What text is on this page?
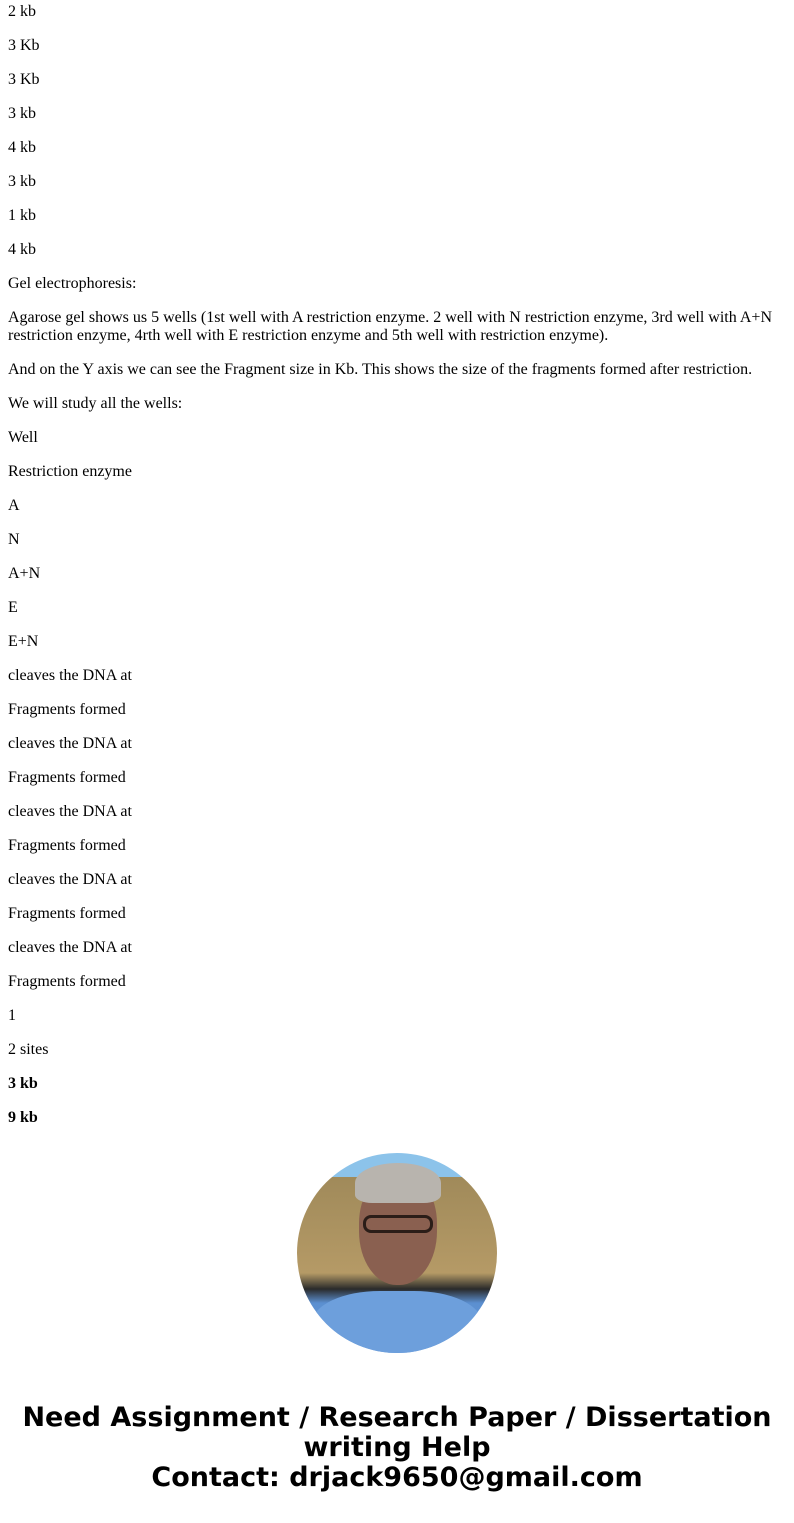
2 kb

3 Kb

3 Kb

3 kb

4 kb

3 kb

1 kb

4 kb

Gel electrophoresis:

Agarose gel shows us 5 wells (1st well with A restriction enzyme. 2 well with N restriction enzyme, 3rd well with A+N restriction enzyme, 4rth well with E restriction enzyme and 5th well with restriction enzyme).

And on the Y axis we can see the Fragment size in Kb. This shows the size of the fragments formed after restriction.

We will study all the wells:

Well

Restriction enzyme

A

N

A+N

E

E+N

cleaves the DNA at

Fragments formed

cleaves the DNA at

Fragments formed

cleaves the DNA at

Fragments formed

cleaves the DNA at

Fragments formed

cleaves the DNA at

Fragments formed

1

2 sites

3 kb

9 kb

Need Assignment / Research Paper / Dissertation writing Help
Contact: drjack9650@gmail.com
